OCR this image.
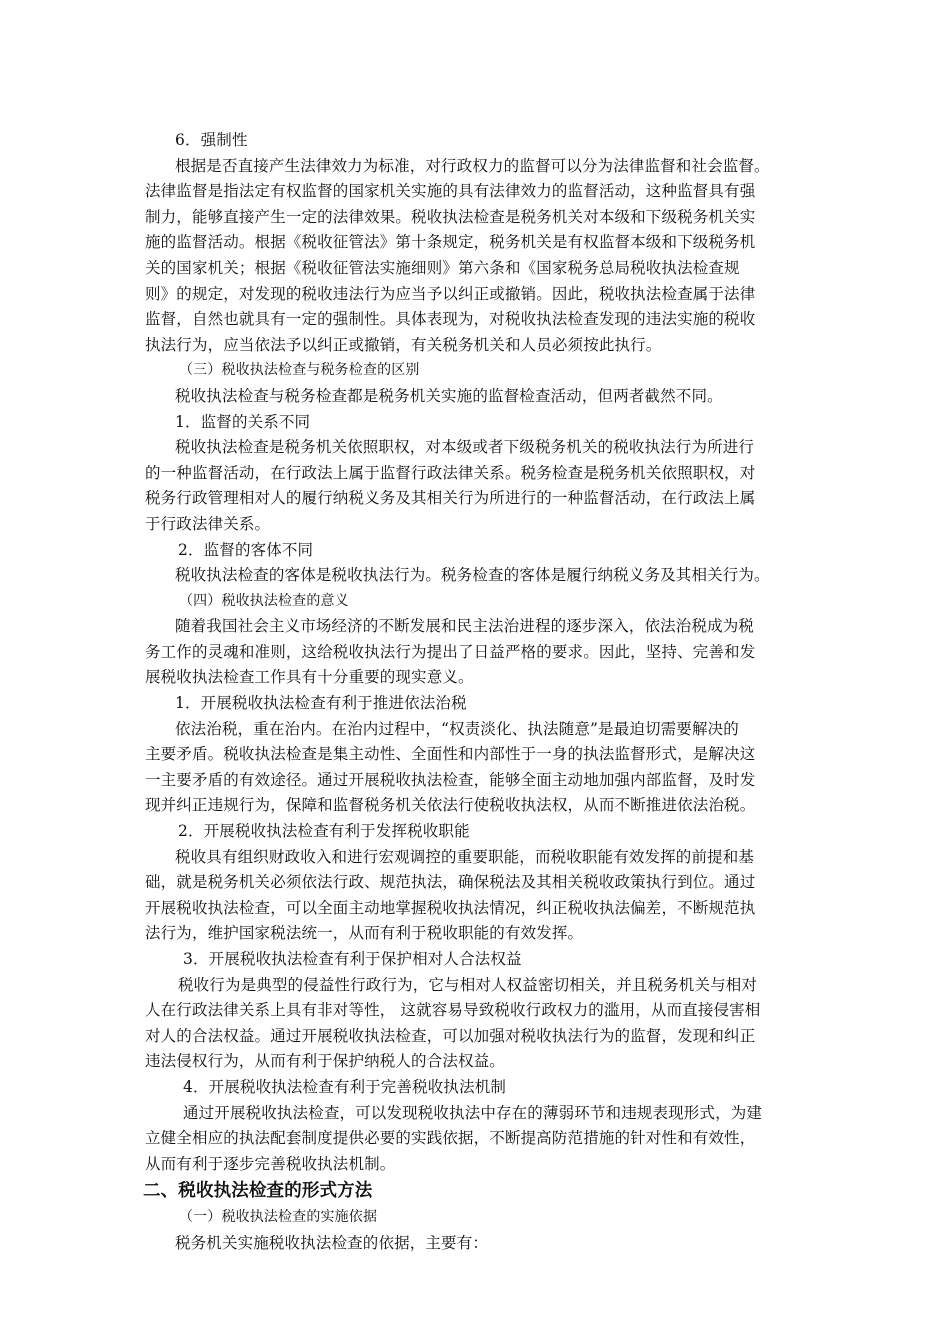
6．强制性
根据是否直接产生法律效力为标准，对行政权力的监督可以分为法律监督和社会监督。
法律监督是指法定有权监督的国家机关实施的具有法律效力的监督活动，这种监督具有强
制力，能够直接产生一定的法律效果。税收执法检查是税务机关对本级和下级税务机关实
施的监督活动。根据《税收征管法》第十条规定，税务机关是有权监督本级和下级税务机
关的国家机关；根据《税收征管法实施细则》第六条和《国家税务总局税收执法检查规
则》的规定，对发现的税收违法行为应当予以纠正或撤销。因此，税收执法检查属于法律
监督，自然也就具有一定的强制性。具体表现为，对税收执法检查发现的违法实施的税收
执法行为，应当依法予以纠正或撤销，有关税务机关和人员必须按此执行。
（三）税收执法检查与税务检查的区别
税收执法检查与税务检查都是税务机关实施的监督检查活动，但两者截然不同。
1．监督的关系不同
税收执法检查是税务机关依照职权，对本级或者下级税务机关的税收执法行为所进行
的一种监督活动，在行政法上属于监督行政法律关系。税务检查是税务机关依照职权，对
税务行政管理相对人的履行纳税义务及其相关行为所进行的一种监督活动，在行政法上属
于行政法律关系。
2．监督的客体不同
税收执法检查的客体是税收执法行为。税务检查的客体是履行纳税义务及其相关行为。
（四）税收执法检查的意义
随着我国社会主义市场经济的不断发展和民主法治进程的逐步深入，依法治税成为税
务工作的灵魂和准则，这给税收执法行为提出了日益严格的要求。因此，坚持、完善和发
展税收执法检查工作具有十分重要的现实意义。
1．开展税收执法检查有利于推进依法治税
依法治税，重在治内。在治内过程中，“权责淡化、执法随意”是最迫切需要解决的
主要矛盾。税收执法检查是集主动性、全面性和内部性于一身的执法监督形式，是解决这
一主要矛盾的有效途径。通过开展税收执法检查，能够全面主动地加强内部监督，及时发
现并纠正违规行为，保障和监督税务机关依法行使税收执法权，从而不断推进依法治税。
2．开展税收执法检查有利于发挥税收职能
税收具有组织财政收入和进行宏观调控的重要职能，而税收职能有效发挥的前提和基
础，就是税务机关必须依法行政、规范执法，确保税法及其相关税收政策执行到位。通过
开展税收执法检查，可以全面主动地掌握税收执法情况，纠正税收执法偏差，不断规范执
法行为，维护国家税法统一，从而有利于税收职能的有效发挥。
3．开展税收执法检查有利于保护相对人合法权益
税收行为是典型的侵益性行政行为，它与相对人权益密切相关，并且税务机关与相对
人在行政法律关系上具有非对等性， 这就容易导致税收行政权力的滥用，从而直接侵害相
对人的合法权益。通过开展税收执法检查，可以加强对税收执法行为的监督，发现和纠正
违法侵权行为，从而有利于保护纳税人的合法权益。
4．开展税收执法检查有利于完善税收执法机制
通过开展税收执法检查，可以发现税收执法中存在的薄弱环节和违规表现形式，为建
立健全相应的执法配套制度提供必要的实践依据，不断提高防范措施的针对性和有效性，
从而有利于逐步完善税收执法机制。
二、税收执法检查的形式方法
（一）税收执法检查的实施依据
税务机关实施税收执法检查的依据，主要有：
